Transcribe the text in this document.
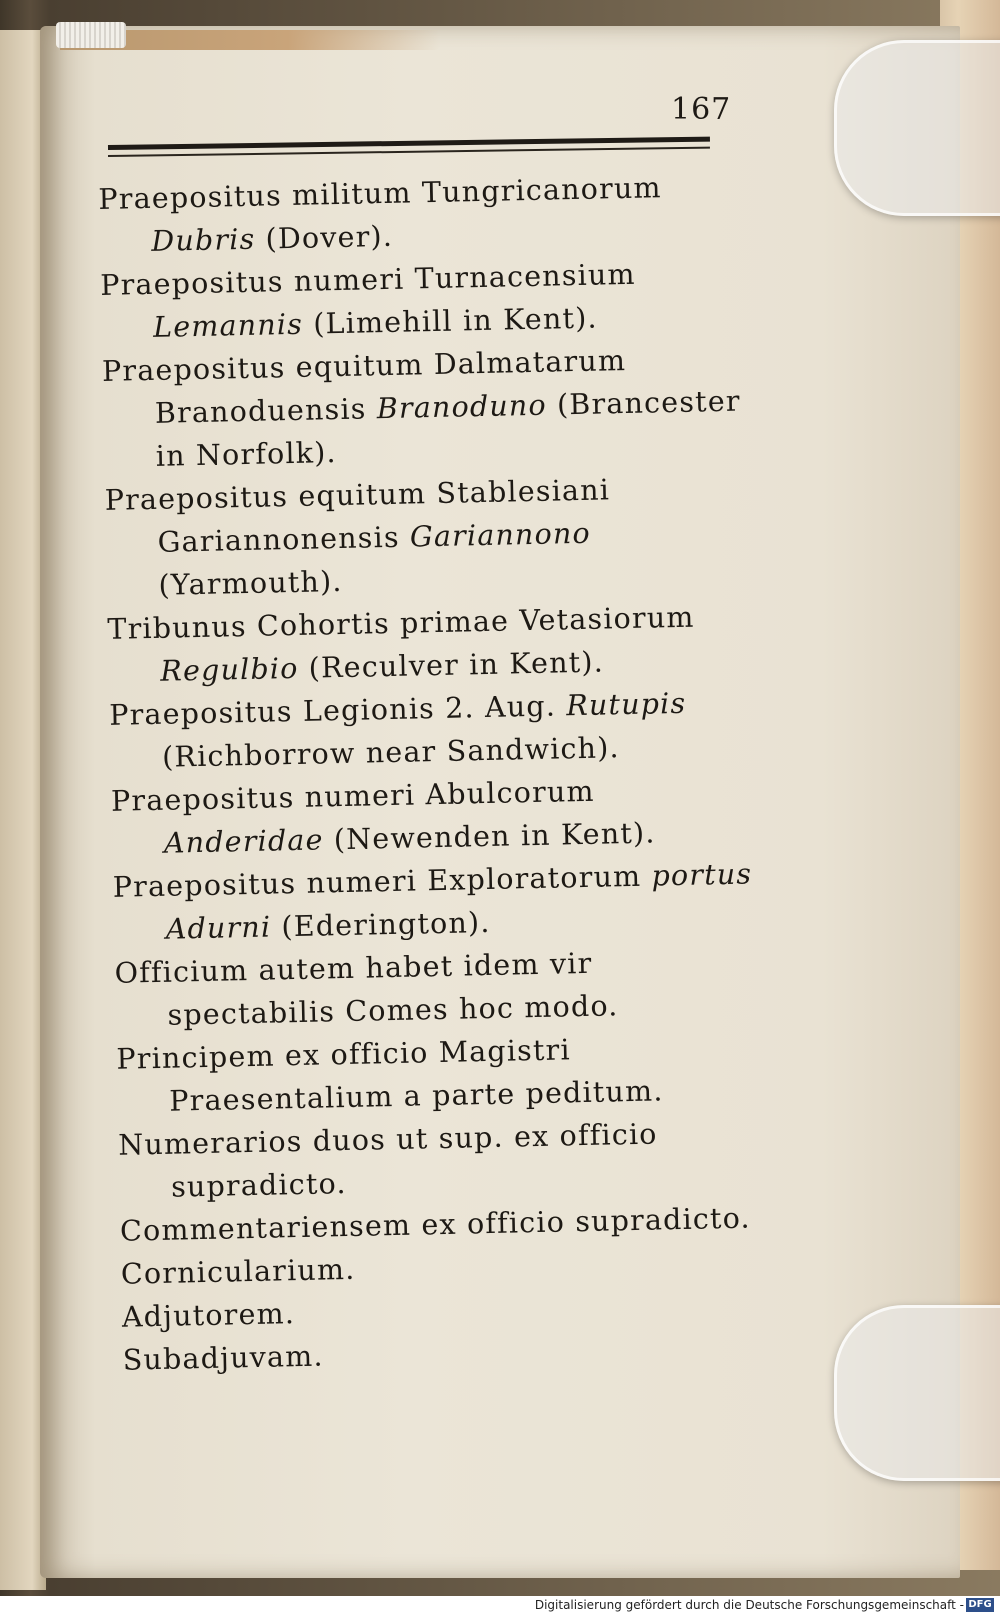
167

Praepositus militum Tungricanorum Dubris (Dover).

Praepositus numeri Turnacensium Lemannis (Limehill in Kent).

Praepositus equitum Dalmatarum Branoduensis Branoduno (Brancester in Norfolk).

Praepositus equitum Stablesiani Gariannonensis Gariannono (Yarmouth).

Tribunus Cohortis primae Vetasiorum Regulbio (Reculver in Kent).

Praepositus Legionis 2. Aug. Rutupis (Richborrow near Sandwich).

Praepositus numeri Abulcorum Anderidae (Newenden in Kent).

Praepositus numeri Exploratorum portus Adurni (Ederington).

Officium autem habet idem vir spectabilis Comes hoc modo.

Principem ex officio Magistri Praesentalium a parte peditum.

Numerarios duos ut sup. ex officio supradicto.

Commentariensem ex officio supradicto.

Cornicularium.

Adjutorem.

Subadjuvam.

Digitalisierung gefördert durch die Deutsche Forschungsgemeinschaft - DFG
